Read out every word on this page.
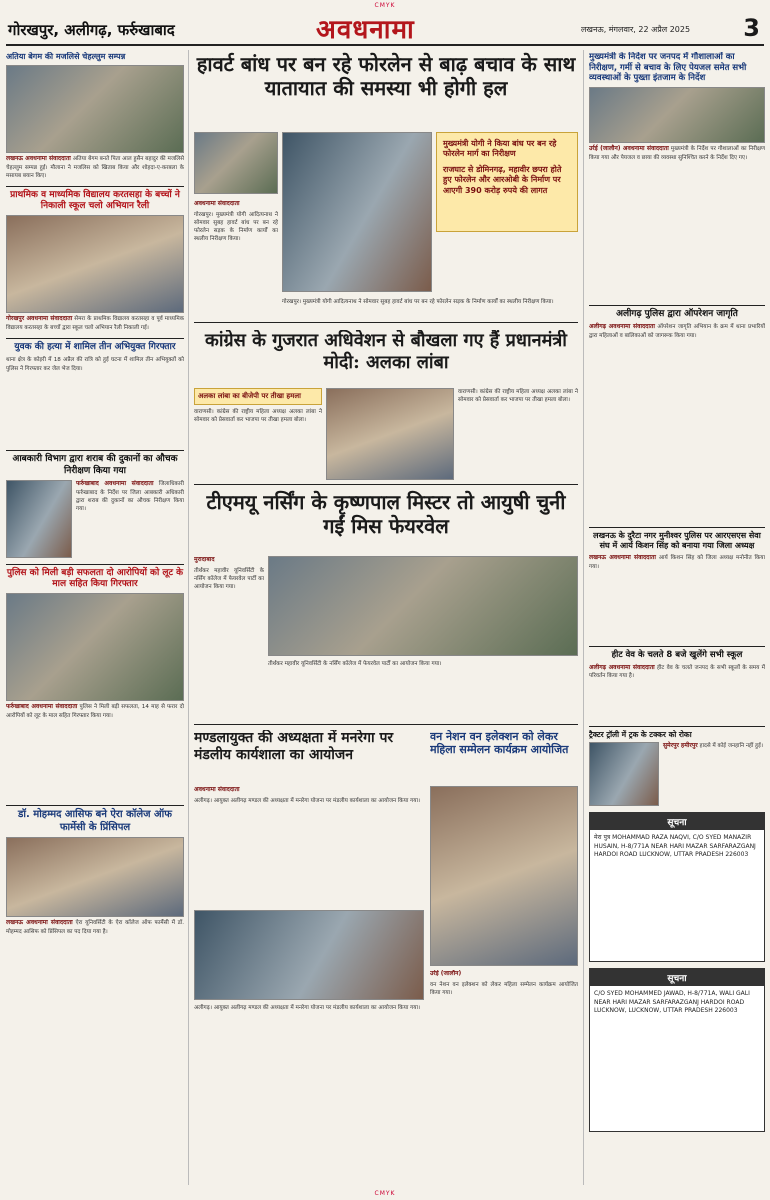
CMYK
गोरखपुर, अलीगढ़, फर्रुखाबाद	अवधनामा	लखनऊ, मंगलवार, 22 अप्रैल 2025 3
अतिया बेगम की मजलिसे चेहल्लुम सम्पन्न
लखनऊ अवधनामा संवाददाता अतिया बेगम बनते पिता आल हुसैन बहादुर की मजलिसे चेहल्लुम सम्पन्न हुई। मौलाना ने मजलिस को खिताब किया और शोहदा-ए-करबला के मसायब बयान किए।
प्राथमिक व माध्यमिक विद्यालय करतसहा के बच्चों ने निकाली स्कूल चलो अभियान रैली
गोरखपुर अवधनामा संवाददाता सेमरा के प्राथमिक विद्यालय करतसहा व पूर्व माध्यमिक विद्यालय करतसहा के बच्चों द्वारा स्कूल चलो अभियान रैली निकाली गई।
युवक की हत्या में शामिल तीन अभियुक्त गिरफ्तार
थाना क्षेत्र के कोइरी में 18 अप्रैल की रात्रि को हुई घटना में शामिल तीन अभियुक्तों को पुलिस ने गिरफ्तार कर जेल भेज दिया।
आबकारी विभाग द्वारा शराब की दुकानों का औचक निरीक्षण किया गया
फर्रुखाबाद अवधनामा संवाददाता जिलाधिकारी फर्रुखाबाद के निर्देश पर जिला आबकारी अधिकारी द्वारा शराब की दुकानों का औचक निरीक्षण किया गया।
पुलिस को मिली बड़ी सफलता दो आरोपियों को लूट के माल सहित किया गिरफ्तार
फर्रुखाबाद अवधनामा संवाददाता पुलिस ने मिली बड़ी सफलता, 14 माह से फरार दो आरोपियों को लूट के माल सहित गिरफ्तार किया गया।
डॉ. मोहम्मद आसिफ बने ऐरा कॉलेज ऑफ फार्मेसी के प्रिंसिपल
लखनऊ अवधनामा संवाददाता ऐरा यूनिवर्सिटी के ऐरा कॉलेज ऑफ फार्मेसी में डॉ. मोहम्मद आसिफ को प्रिंसिपल का पद दिया गया है।
हावर्ट बांध पर बन रहे फोरलेन से बाढ़ बचाव के साथ यातायात की समस्या भी होगी हल
मुख्यमंत्री योगी ने किया बांध पर बन रहे फोरलेन मार्ग का निरीक्षण
राजघाट से डोमिनगढ़, महावीर छपरा होते हुए फोरलेन और आरओबी के निर्माण पर आएगी 390 करोड़ रुपये की लागत
अवधनामा संवाददाता
गोरखपुर। मुख्यमंत्री योगी आदित्यनाथ ने सोमवार सुबह हावर्ट बांध पर बन रहे फोरलेन सड़क के निर्माण कार्यों का स्थलीय निरीक्षण किया।
गोरखपुर। मुख्यमंत्री योगी आदित्यनाथ ने सोमवार सुबह हावर्ट बांध पर बन रहे फोरलेन सड़क के निर्माण कार्यों का स्थलीय निरीक्षण किया।
कांग्रेस के गुजरात अधिवेशन से बौखला गए हैं प्रधानमंत्री मोदी: अलका लांबा
अलका लांबा का बीजेपी पर तीखा हमला
वाराणसी। कांग्रेस की राष्ट्रीय महिला अध्यक्ष अलका लांबा ने सोमवार को प्रेसवार्ता कर भाजपा पर तीखा हमला बोला।
वाराणसी। कांग्रेस की राष्ट्रीय महिला अध्यक्ष अलका लांबा ने सोमवार को प्रेसवार्ता कर भाजपा पर तीखा हमला बोला।
टीएमयू नर्सिंग के कृष्णपाल मिस्टर तो आयुषी चुनी गईं मिस फेयरवेल
मुरादाबाद
तीर्थंकर महावीर यूनिवर्सिटी के नर्सिंग कॉलेज में फेयरवेल पार्टी का आयोजन किया गया।
तीर्थंकर महावीर यूनिवर्सिटी के नर्सिंग कॉलेज में फेयरवेल पार्टी का आयोजन किया गया।
मण्डलायुक्त की अध्यक्षता में मनरेगा पर मंडलीय कार्यशाला का आयोजन
अवधनामा संवाददाता
अलीगढ़। आयुक्त अलीगढ़ मण्डल की अध्यक्षता में मनरेगा योजना पर मंडलीय कार्यशाला का आयोजन किया गया।
अलीगढ़। आयुक्त अलीगढ़ मण्डल की अध्यक्षता में मनरेगा योजना पर मंडलीय कार्यशाला का आयोजन किया गया।
वन नेशन वन इलेक्शन को लेकर महिला सम्मेलन कार्यक्रम आयोजित
उर्रई (जालौन)
वन नेशन वन इलेक्शन को लेकर महिला सम्मेलन कार्यक्रम आयोजित किया गया।
मुख्यमंत्री के निर्देश पर जनपद में गौशालाओं का निरीक्षण, गर्मी से बचाव के लिए पेयजल समेत सभी व्यवस्थाओं के पुख्ता इंतजाम के निर्देश
उर्रई (जालौन) अवधनामा संवाददाता मुख्यमंत्री के निर्देश पर गौशालाओं का निरीक्षण किया गया और पेयजल व छाया की व्यवस्था सुनिश्चित करने के निर्देश दिए गए।
अलीगढ़ पुलिस द्वारा ऑपरेशन जागृति
अलीगढ़ अवधनामा संवाददाता ऑपरेशन जागृति अभियान के क्रम में थाना प्रभारियों द्वारा महिलाओं व बालिकाओं को जागरूक किया गया।
लखनऊ के दुरैटा नगर मुनीश्वर पुलिस पर आरएसएस सेवा संघ में आर्य किशन सिंह को बनाया गया जिला अध्यक्ष
लखनऊ अवधनामा संवाददाता आर्य किशन सिंह को जिला अध्यक्ष मनोनीत किया गया।
हीट वेव के चलते 8 बजे खुलेंगे सभी स्कूल
अलीगढ़ अवधनामा संवाददाता हीट वेव के चलते जनपद के सभी स्कूलों के समय में परिवर्तन किया गया है।
ट्रैक्टर ट्रॉली में ट्रक के टक्कर को रोका
सुमेरपुर हमीरपुर हादसे में कोई जनहानि नहीं हुई।
सूचना

मेरा पुत्र MOHAMMAD RAZA NAQVI, C/O SYED MANAZIR HUSAIN, H-8/771A NEAR HARI MAZAR SARFARAZGANJ HARDOI ROAD LUCKNOW, UTTAR PRADESH 226003

सूचना

C/O SYED MOHAMMED JAWAD, H-8/771A, WALI GALI NEAR HARI MAZAR SARFARAZGANJ HARDOI ROAD LUCKNOW, LUCKNOW, UTTAR PRADESH 226003

CMYK
